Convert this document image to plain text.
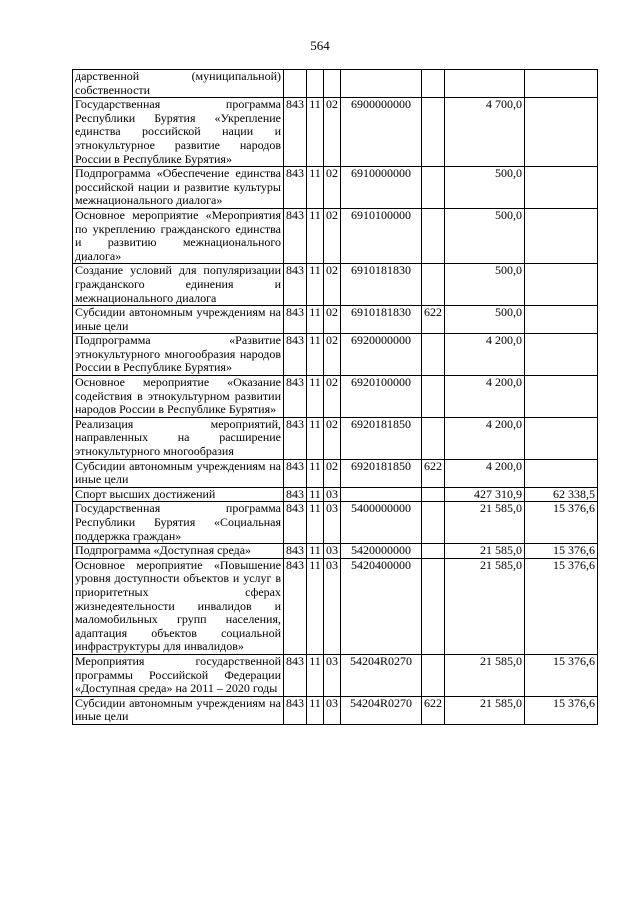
564
дарственной (муниципальной) собственности							
Государственная программа Республики Бурятия «Укрепление единства российской нации и этнокультурное развитие народов России в Республике Бурятия»	843	11	02	6900000000		4 700,0	
Подпрограмма «Обеспечение единства российской нации и развитие культуры межнационального диалога»	843	11	02	6910000000		500,0	
Основное мероприятие «Мероприятия по укреплению гражданского единства и развитию межнационального диалога»	843	11	02	6910100000		500,0	
Создание условий для популяризации гражданского единения и межнационального диалога	843	11	02	6910181830		500,0	
Субсидии автономным учреждениям на иные цели	843	11	02	6910181830	622	500,0	
Подпрограмма «Развитие этнокультурного многообразия народов России в Республике Бурятия»	843	11	02	6920000000		4 200,0	
Основное мероприятие «Оказание содействия в этнокультурном развитии народов России в Республике Бурятия»	843	11	02	6920100000		4 200,0	
Реализация мероприятий, направленных на расширение этнокультурного многообразия	843	11	02	6920181850		4 200,0	
Субсидии автономным учреждениям на иные цели	843	11	02	6920181850	622	4 200,0	
Спорт высших достижений	843	11	03			427 310,9	62 338,5
Государственная программа Республики Бурятия «Социальная поддержка граждан»	843	11	03	5400000000		21 585,0	15 376,6
Подпрограмма «Доступная среда»	843	11	03	5420000000		21 585,0	15 376,6
Основное мероприятие «Повышение уровня доступности объектов и услуг в приоритетных сферах жизнедеятельности инвалидов и маломобильных групп населения, адаптация объектов социальной инфраструктуры для инвалидов»	843	11	03	5420400000		21 585,0	15 376,6
Мероприятия государственной программы Российской Федерации «Доступная среда» на 2011 – 2020 годы	843	11	03	54204R0270		21 585,0	15 376,6
Субсидии автономным учреждениям на иные цели	843	11	03	54204R0270	622	21 585,0	15 376,6
